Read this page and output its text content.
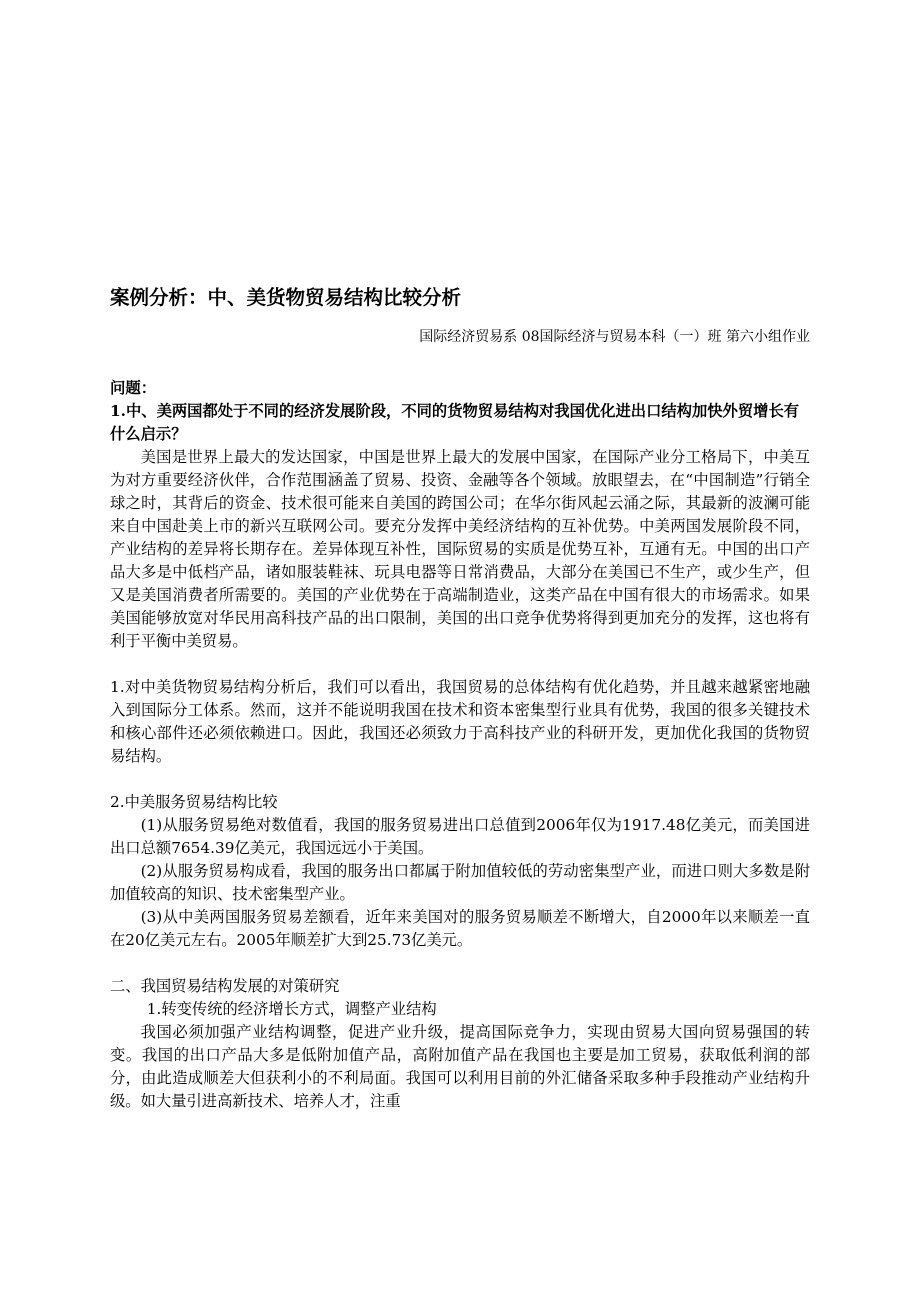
案例分析：中、美货物贸易结构比较分析
国际经济贸易系 08国际经济与贸易本科（一）班 第六小组作业
问题：
1.中、美两国都处于不同的经济发展阶段，不同的货物贸易结构对我国优化进出口结构加快外贸增长有什么启示？

美国是世界上最大的发达国家，中国是世界上最大的发展中国家，在国际产业分工格局下，中美互为对方重要经济伙伴，合作范围涵盖了贸易、投资、金融等各个领域。放眼望去，在“中国制造”行销全球之时，其背后的资金、技术很可能来自美国的跨国公司；在华尔街风起云涌之际，其最新的波澜可能来自中国赴美上市的新兴互联网公司。要充分发挥中美经济结构的互补优势。中美两国发展阶段不同，产业结构的差异将长期存在。差异体现互补性，国际贸易的实质是优势互补，互通有无。中国的出口产品大多是中低档产品，诸如服装鞋袜、玩具电器等日常消费品，大部分在美国已不生产，或少生产，但又是美国消费者所需要的。美国的产业优势在于高端制造业，这类产品在中国有很大的市场需求。如果美国能够放宽对华民用高科技产品的出口限制，美国的出口竞争优势将得到更加充分的发挥，这也将有利于平衡中美贸易。

1.对中美货物贸易结构分析后，我们可以看出，我国贸易的总体结构有优化趋势，并且越来越紧密地融入到国际分工体系。然而，这并不能说明我国在技术和资本密集型行业具有优势，我国的很多关键技术和核心部件还必须依赖进口。因此，我国还必须致力于高科技产业的科研开发，更加优化我国的货物贸易结构。

2.中美服务贸易结构比较

(1)从服务贸易绝对数值看，我国的服务贸易进出口总值到2006年仅为1917.48亿美元，而美国进出口总额7654.39亿美元，我国远远小于美国。

(2)从服务贸易构成看，我国的服务出口都属于附加值较低的劳动密集型产业，而进口则大多数是附加值较高的知识、技术密集型产业。

(3)从中美两国服务贸易差额看，近年来美国对的服务贸易顺差不断增大，自2000年以来顺差一直在20亿美元左右。2005年顺差扩大到25.73亿美元。

二、我国贸易结构发展的对策研究
1.转变传统的经济增长方式，调整产业结构

我国必须加强产业结构调整，促进产业升级，提高国际竞争力，实现由贸易大国向贸易强国的转变。我国的出口产品大多是低附加值产品，高附加值产品在我国也主要是加工贸易，获取低利润的部分，由此造成顺差大但获利小的不利局面。我国可以利用目前的外汇储备采取多种手段推动产业结构升级。如大量引进高新技术、培养人才，注重
